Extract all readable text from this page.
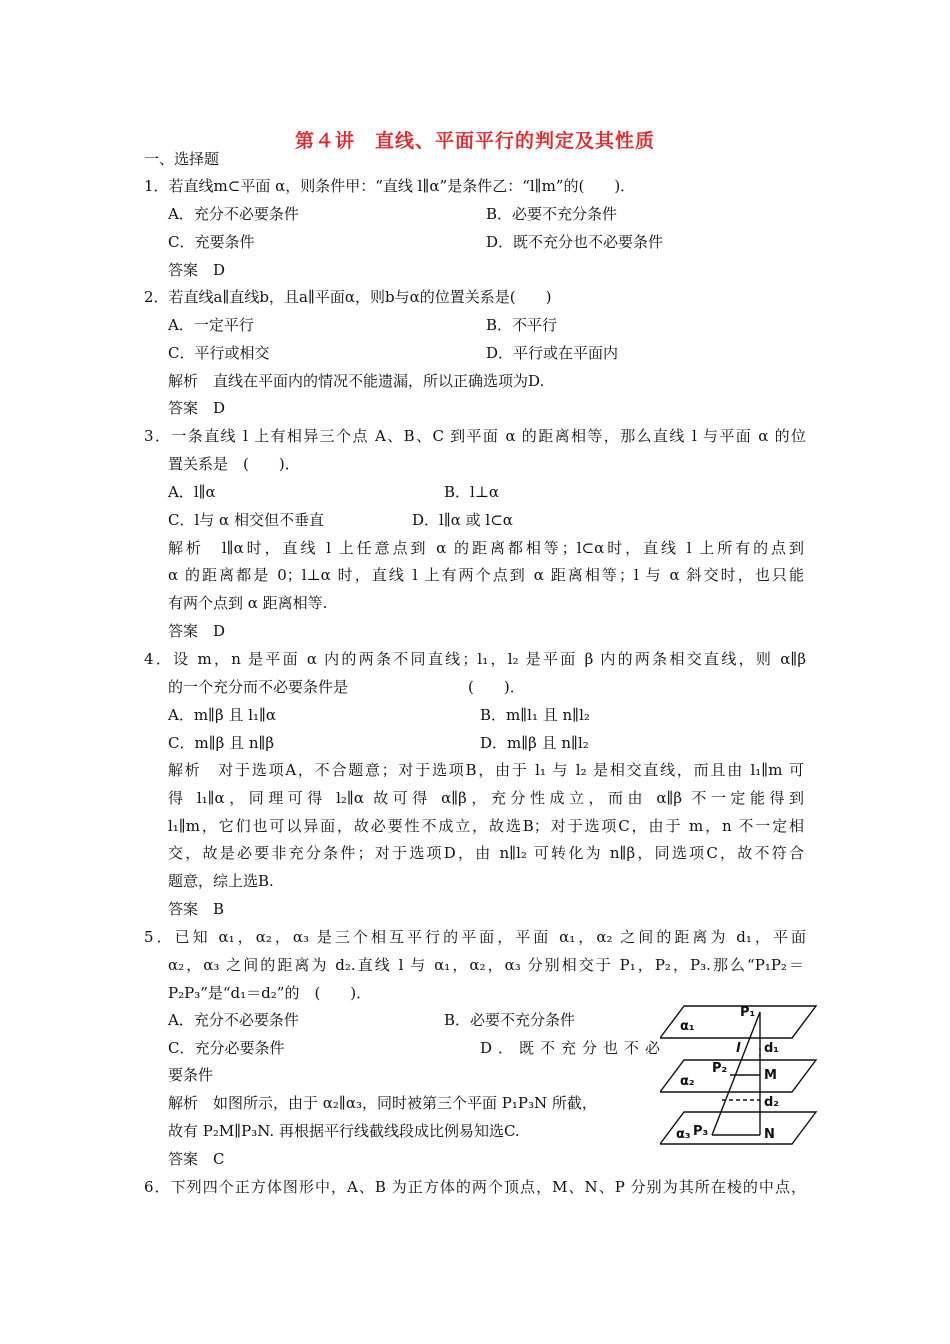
第４讲　直线、平面平行的判定及其性质
一、选择题
1．若直线m⊂平面 α，则条件甲：“直线 l∥α”是条件乙：“l∥m”的(　　)．
A．充分不必要条件	B．必要不充分条件
C．充要条件	D．既不充分也不必要条件
答案　D
2．若直线a∥直线b，且a∥平面α，则b与α的位置关系是(　　)
A．一定平行	B．不平行
C．平行或相交	D．平行或在平面内
解析　直线在平面内的情况不能遗漏，所以正确选项为D.
答案　D
3．一条直线 l 上有相异三个点 A、B、C 到平面 α 的距离相等，那么直线 l 与平面 α 的位
置关系是　(　　)．
A．l∥α	B．l⊥α
C．l与 α 相交但不垂直	D．l∥α 或 l⊂α
解析　l∥α时，直线 l 上任意点到 α 的距离都相等；l⊂α时，直线 l 上所有的点到
α 的距离都是 0；l⊥α 时，直线 l 上有两个点到 α 距离相等；l 与 α 斜交时，也只能
有两个点到 α 距离相等.
答案　D
4．设 m，n 是平面 α 内的两条不同直线；l₁，l₂ 是平面 β 内的两条相交直线，则 α∥β
的一个充分而不必要条件是　　　　　　　　(　　)．
A．m∥β 且 l₁∥α	B．m∥l₁ 且 n∥l₂
C．m∥β 且 n∥β	D．m∥β 且 n∥l₂
解析　对于选项A，不合题意；对于选项B，由于 l₁ 与 l₂ 是相交直线，而且由 l₁∥m 可
得 l₁∥α，同理可得 l₂∥α 故可得 α∥β，充分性成立，而由 α∥β 不一定能得到
l₁∥m，它们也可以异面，故必要性不成立，故选B；对于选项C，由于 m，n 不一定相
交，故是必要非充分条件；对于选项D，由 n∥l₂ 可转化为 n∥β，同选项C，故不符合
题意，综上选B.
答案　B
5．已知 α₁，α₂，α₃ 是三个相互平行的平面，平面 α₁，α₂ 之间的距离为 d₁，平面
α₂，α₃ 之间的距离为 d₂.直线 l 与 α₁，α₂，α₃ 分别相交于 P₁，P₂，P₃.那么“P₁P₂＝
P₂P₃”是“d₁＝d₂”的　(　　)．
A．充分不必要条件	B．必要不充分条件
C．充分必要条件	D．既不充分也不必
要条件
解析　如图所示，由于 α₂∥α₃，同时被第三个平面 P₁P₃N 所截，
故有 P₂M∥P₃N. 再根据平行线截线段成比例易知选C.
答案　C
α₁
α₂
α₃
P₁
P₂
P₃
l d₁
d₂
M
N
6．下列四个正方体图形中，A、B 为正方体的两个顶点，M、N、P 分别为其所在棱的中点，
